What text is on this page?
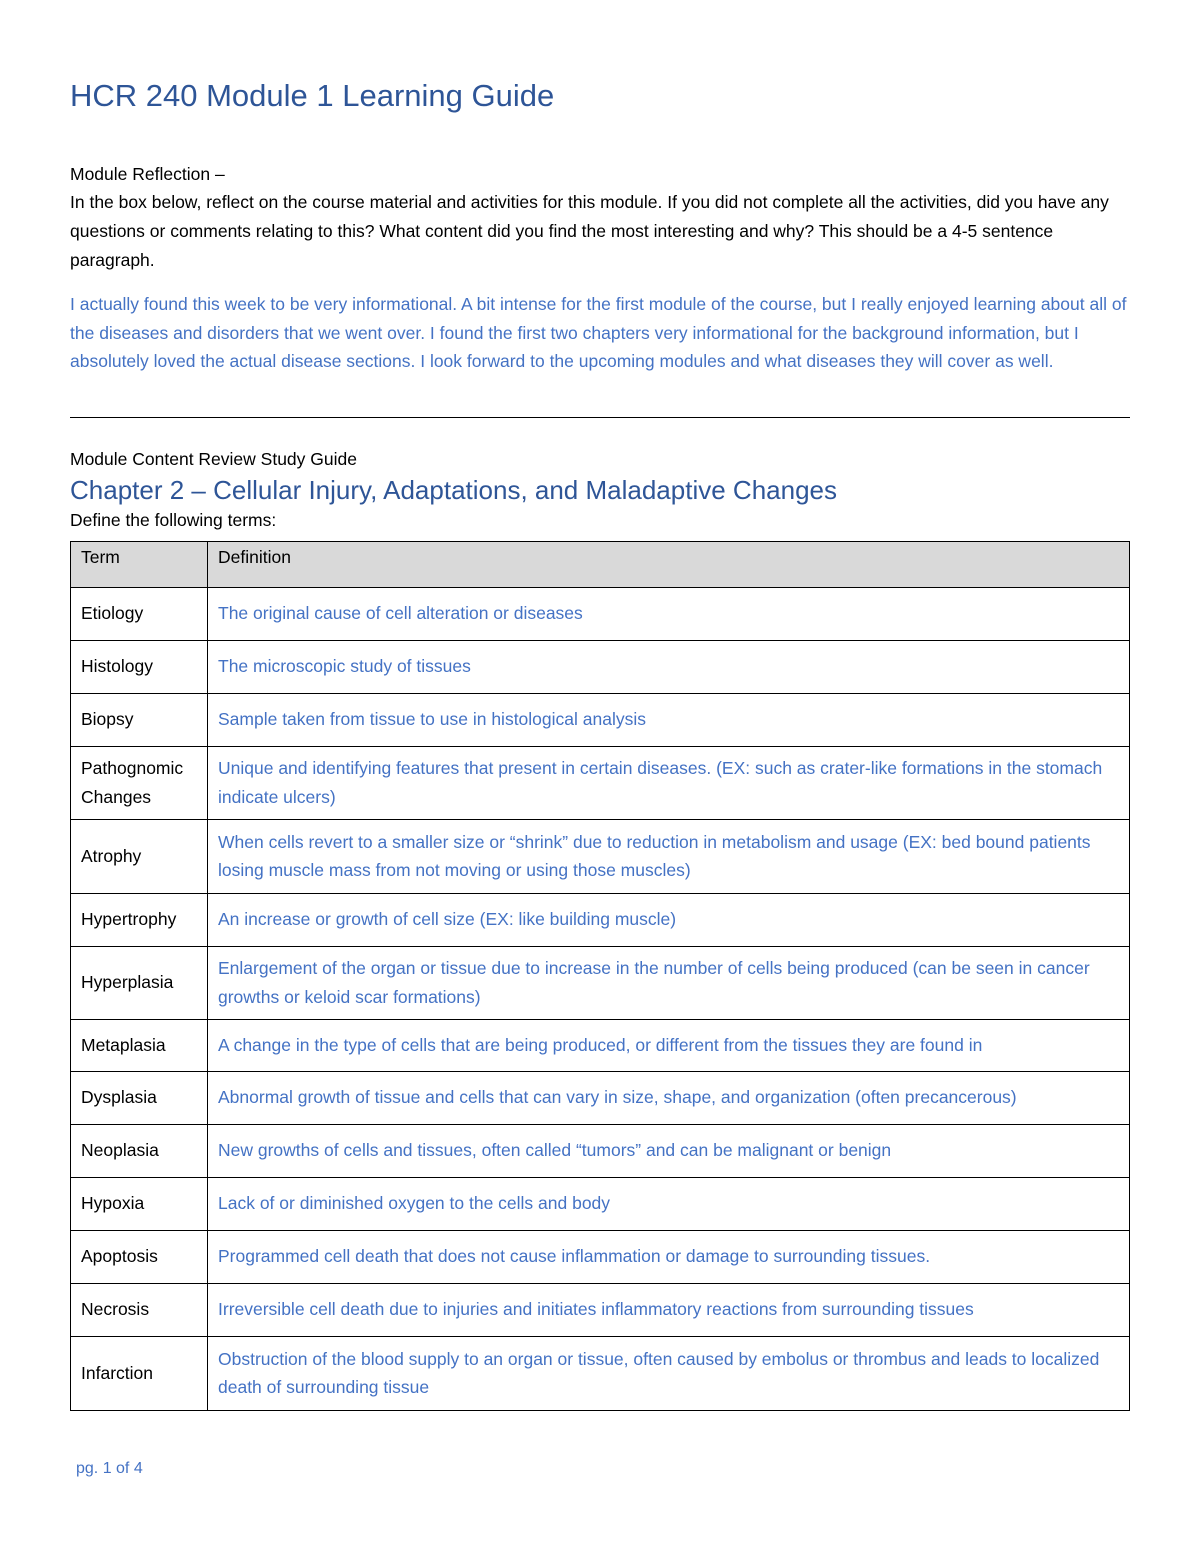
HCR 240 Module 1 Learning Guide
Module Reflection –
In the box below, reflect on the course material and activities for this module. If you did not complete all the activities, did you have any questions or comments relating to this? What content did you find the most interesting and why? This should be a 4-5 sentence paragraph.
I actually found this week to be very informational. A bit intense for the first module of the course, but I really enjoyed learning about all of the diseases and disorders that we went over. I found the first two chapters very informational for the background information, but I absolutely loved the actual disease sections. I look forward to the upcoming modules and what diseases they will cover as well.
Module Content Review Study Guide
Chapter 2 – Cellular Injury, Adaptations, and Maladaptive Changes
Define the following terms:
Term	Definition
Etiology	The original cause of cell alteration or diseases
Histology	The microscopic study of tissues
Biopsy	Sample taken from tissue to use in histological analysis
Pathognomic Changes	Unique and identifying features that present in certain diseases. (EX: such as crater-like formations in the stomach indicate ulcers)
Atrophy	When cells revert to a smaller size or “shrink” due to reduction in metabolism and usage (EX: bed bound patients losing muscle mass from not moving or using those muscles)
Hypertrophy	An increase or growth of cell size (EX: like building muscle)
Hyperplasia	Enlargement of the organ or tissue due to increase in the number of cells being produced (can be seen in cancer growths or keloid scar formations)
Metaplasia	A change in the type of cells that are being produced, or different from the tissues they are found in
Dysplasia	Abnormal growth of tissue and cells that can vary in size, shape, and organization (often precancerous)
Neoplasia	New growths of cells and tissues, often called “tumors” and can be malignant or benign
Hypoxia	Lack of or diminished oxygen to the cells and body
Apoptosis	Programmed cell death that does not cause inflammation or damage to surrounding tissues.
Necrosis	Irreversible cell death due to injuries and initiates inflammatory reactions from surrounding tissues
Infarction	Obstruction of the blood supply to an organ or tissue, often caused by embolus or thrombus and leads to localized death of surrounding tissue
pg. 1 of 4
